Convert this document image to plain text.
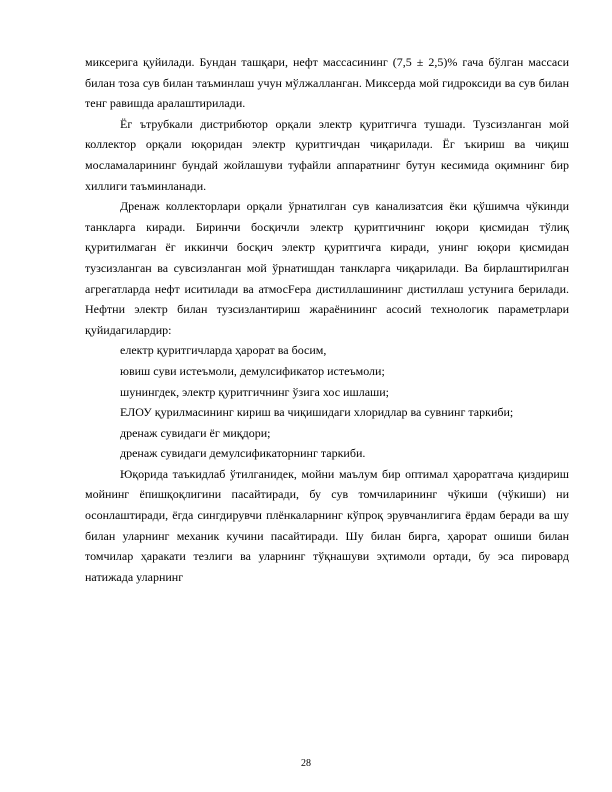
миксерига қуйилади. Бундан ташқари, нефт массасининг (7,5 ± 2,5)% гача бўлган массаси билан тоза сув билан таъминлаш учун мўлжалланган. Миксерда мой гидроксиди ва сув билан тенг равишда аралаштирилади.

Ёг ътрубкали дистрибютор орқали электр қуритгичга тушади. Тузсизланган мой коллектор орқали юқоридан электр қуритгичдан чиқарилади. Ёг ъкириш ва чиқиш мосламаларининг бундай жойлашуви туфайли аппаратнинг бутун кесимида оқимнинг бир хиллиги таъминланади.

Дренаж коллекторлари орқали ўрнатилган сув канализатсия ёки қўшимча чўкинди танкларга киради. Биринчи босқичли электр қуритгичнинг юқори қисмидан тўлиқ қуритилмаган ёг иккинчи босқич электр қуритгичга киради, унинг юқори қисмидан тузсизланган ва сувсизланган мой ўрнатишдан танкларга чиқарилади. Ва бирлаштирилган агрегатларда нефт иситилади ва атмосFера дистиллашининг дистиллаш устунига берилади. Нефтни электр билан тузсизлантириш жараёнининг асосий технологик параметрлари қуйидагилардир:

електр қуритгичларда ҳарорат ва босим,

ювиш суви истеъмоли, демулсификатор истеъмоли;

шунингдек, электр қуритгичнинг ўзига хос ишлаши;

ЕЛОУ қурилмасининг кириш ва чиқишидаги хлоридлар ва сувнинг таркиби;

дренаж сувидаги ёг миқдори;

дренаж сувидаги демулсификаторнинг таркиби.

Юқорида таъкидлаб ўтилганидек, мойни маълум бир оптимал ҳароратгача қиздириш мойнинг ёпишқоқлигини пасайтиради, бу сув томчиларининг чўкиши (чўкиши) ни осонлаштиради, ёгда сингдирувчи плёнкаларнинг кўпроқ эрувчанлигига ёрдам беради ва шу билан уларнинг механик кучини пасайтиради. Шу билан бирга, ҳарорат ошиши билан томчилар ҳаракати тезлиги ва уларнинг тўқнашуви эҳтимоли ортади, бу эса пировард натижада уларнинг

28
